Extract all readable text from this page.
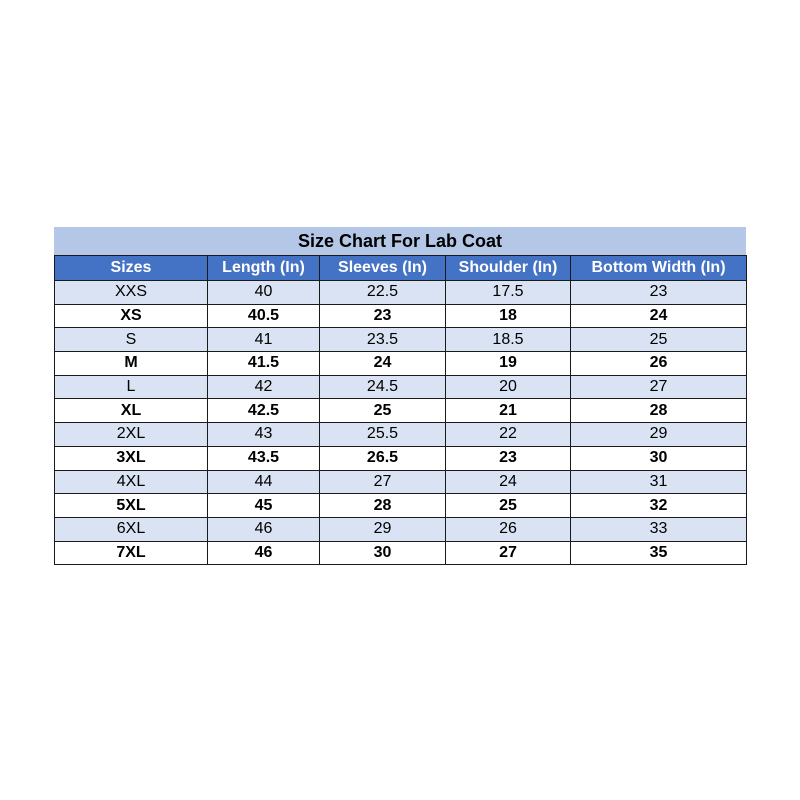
Size Chart For Lab Coat
Sizes	Length (In)	Sleeves (In)	Shoulder (In)	Bottom Width (In)
XXS	40	22.5	17.5	23
XS	40.5	23	18	24
S	41	23.5	18.5	25
M	41.5	24	19	26
L	42	24.5	20	27
XL	42.5	25	21	28
2XL	43	25.5	22	29
3XL	43.5	26.5	23	30
4XL	44	27	24	31
5XL	45	28	25	32
6XL	46	29	26	33
7XL	46	30	27	35
